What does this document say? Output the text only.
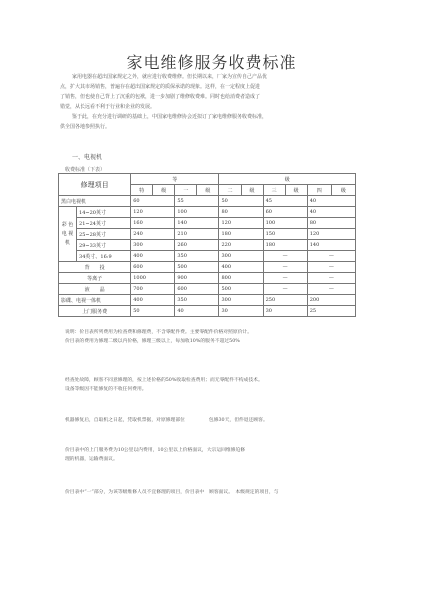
家电维修服务收费标准
家用电器在超出国家规定之外，就应进行收费维修。但长期以来，厂家为宣传自己产品优
点，扩大其市场销售，普遍存在超出国家规定的质保承诺的现象。这样，在一定程度上促进
了销售，但也使自己背上了沉重的包袱，进一步加剧了维修收费难。同时也给消费者造成了
错觉，从长远看不利于行业和企业的发展。
鉴于此，在充分进行调研的基础上，中国家电维修协会近拟订了家电维修服务收费标准，
供全国各地参照执行。
一、电视机
收费标准（下表）
修理项目		等				级					
		特	级	一	级	二	级	三	级	四	级
黑白电视机		60		55		50		45		40	

彩 色
电 视
机	14~20英寸	120		100		80		60		40	
	21~24英寸	160		140		120		100		80	
	25~28英寸	240		210		180		150		120	
	29~33英寸	300		260		220		180		140	
	34英寸、16:9	400		350		300		—		—	
背　　投		600		500		400		—		—	
等离子		1000		900		800		—		—	
液　　晶		700		600		500		—		—	
影碟、电视一体机		400		350		300		250		200	
上门服务费		50		40		30		30		25	
说明：价目表所列费用为检查费和修理费，不含零配件费。主要零配件价格对照原价计。
价目表的费用为修理二级以内价格，修理三级以上，每加收10%的服务不超过50%
经查处故障，顾客不同意修理的，按上述价格的50%收取检查费用；而无零配件不构成技术。
设备等级因不能修复的不收任何费用。
机器修复后，自取机之日起，凭取机票据，对原修理部位　　　　　包修30天，但件退还顾客。
价目表中的上门服务费为10公里以内费用，10公里以上价格面议，大宗运回维修迫修
理的机器，运输费面议。
价目表中“一”部分，为该等级维修人员不宜修理的项目，价目表中　顾客面议。　本级规定的项目，与
